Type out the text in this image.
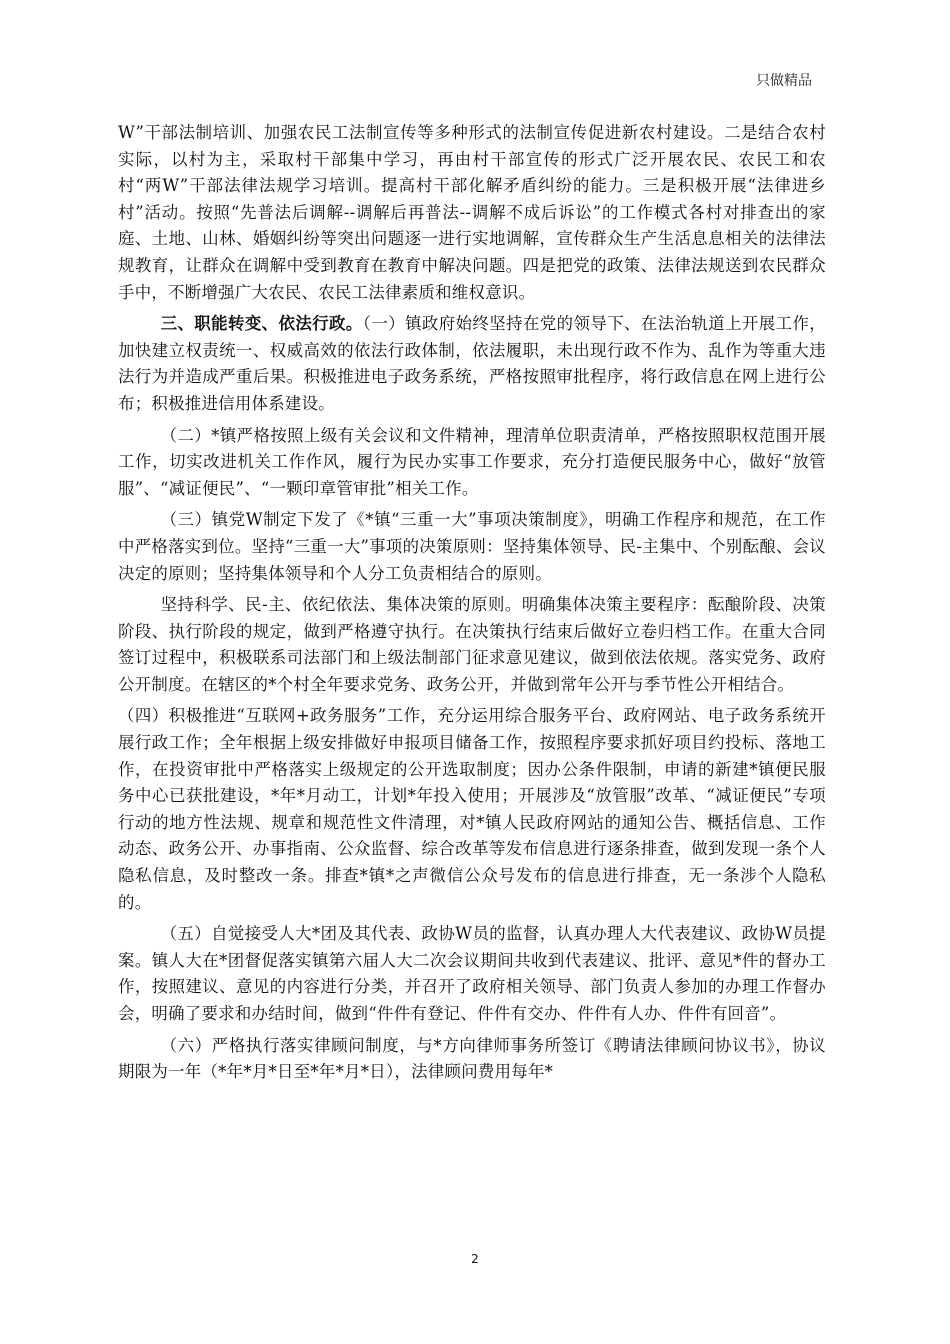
只做精品

W”干部法制培训、加强农民工法制宣传等多种形式的法制宣传促进新农村建设。二是结合农村实际，以村为主，采取村干部集中学习，再由村干部宣传的形式广泛开展农民、农民工和农村“两W”干部法律法规学习培训。提高村干部化解矛盾纠纷的能力。三是积极开展“法律进乡村”活动。按照“先普法后调解--调解后再普法--调解不成后诉讼”的工作模式各村对排查出的家庭、土地、山林、婚姻纠纷等突出问题逐一进行实地调解，宣传群众生产生活息息相关的法律法规教育，让群众在调解中受到教育在教育中解决问题。四是把党的政策、法律法规送到农民群众手中，不断增强广大农民、农民工法律素质和维权意识。

三、职能转变、依法行政。（一）镇政府始终坚持在党的领导下、在法治轨道上开展工作，加快建立权责统一、权威高效的依法行政体制，依法履职，未出现行政不作为、乱作为等重大违法行为并造成严重后果。积极推进电子政务系统，严格按照审批程序，将行政信息在网上进行公布；积极推进信用体系建设。

（二）*镇严格按照上级有关会议和文件精神，理清单位职责清单，严格按照职权范围开展工作，切实改进机关工作作风，履行为民办实事工作要求，充分打造便民服务中心，做好“放管服”、“减证便民”、“一颗印章管审批”相关工作。

（三）镇党W制定下发了《*镇“三重一大”事项决策制度》，明确工作程序和规范，在工作中严格落实到位。坚持“三重一大”事项的决策原则：坚持集体领导、民-主集中、个别酝酿、会议决定的原则；坚持集体领导和个人分工负责相结合的原则。

坚持科学、民-主、依纪依法、集体决策的原则。明确集体决策主要程序：酝酿阶段、决策阶段、执行阶段的规定，做到严格遵守执行。在决策执行结束后做好立卷归档工作。在重大合同签订过程中，积极联系司法部门和上级法制部门征求意见建议，做到依法依规。落实党务、政府公开制度。在辖区的*个村全年要求党务、政务公开，并做到常年公开与季节性公开相结合。

（四）积极推进“互联网+政务服务”工作，充分运用综合服务平台、政府网站、电子政务系统开展行政工作；全年根据上级安排做好申报项目储备工作，按照程序要求抓好项目约投标、落地工作，在投资审批中严格落实上级规定的公开选取制度；因办公条件限制，申请的新建*镇便民服务中心已获批建设，*年*月动工，计划*年投入使用；开展涉及“放管服”改革、“减证便民”专项行动的地方性法规、规章和规范性文件清理，对*镇人民政府网站的通知公告、概括信息、工作动态、政务公开、办事指南、公众监督、综合改革等发布信息进行逐条排查，做到发现一条个人隐私信息，及时整改一条。排查*镇*之声微信公众号发布的信息进行排查，无一条涉个人隐私的。

（五）自觉接受人大*团及其代表、政协W员的监督，认真办理人大代表建议、政协W员提案。镇人大在*团督促落实镇第六届人大二次会议期间共收到代表建议、批评、意见*件的督办工作，按照建议、意见的内容进行分类，并召开了政府相关领导、部门负责人参加的办理工作督办会，明确了要求和办结时间，做到“件件有登记、件件有交办、件件有人办、件件有回音”。

（六）严格执行落实律顾问制度，与*方向律师事务所签订《聘请法律顾问协议书》，协议期限为一年（*年*月*日至*年*月*日），法律顾问费用每年*

2
